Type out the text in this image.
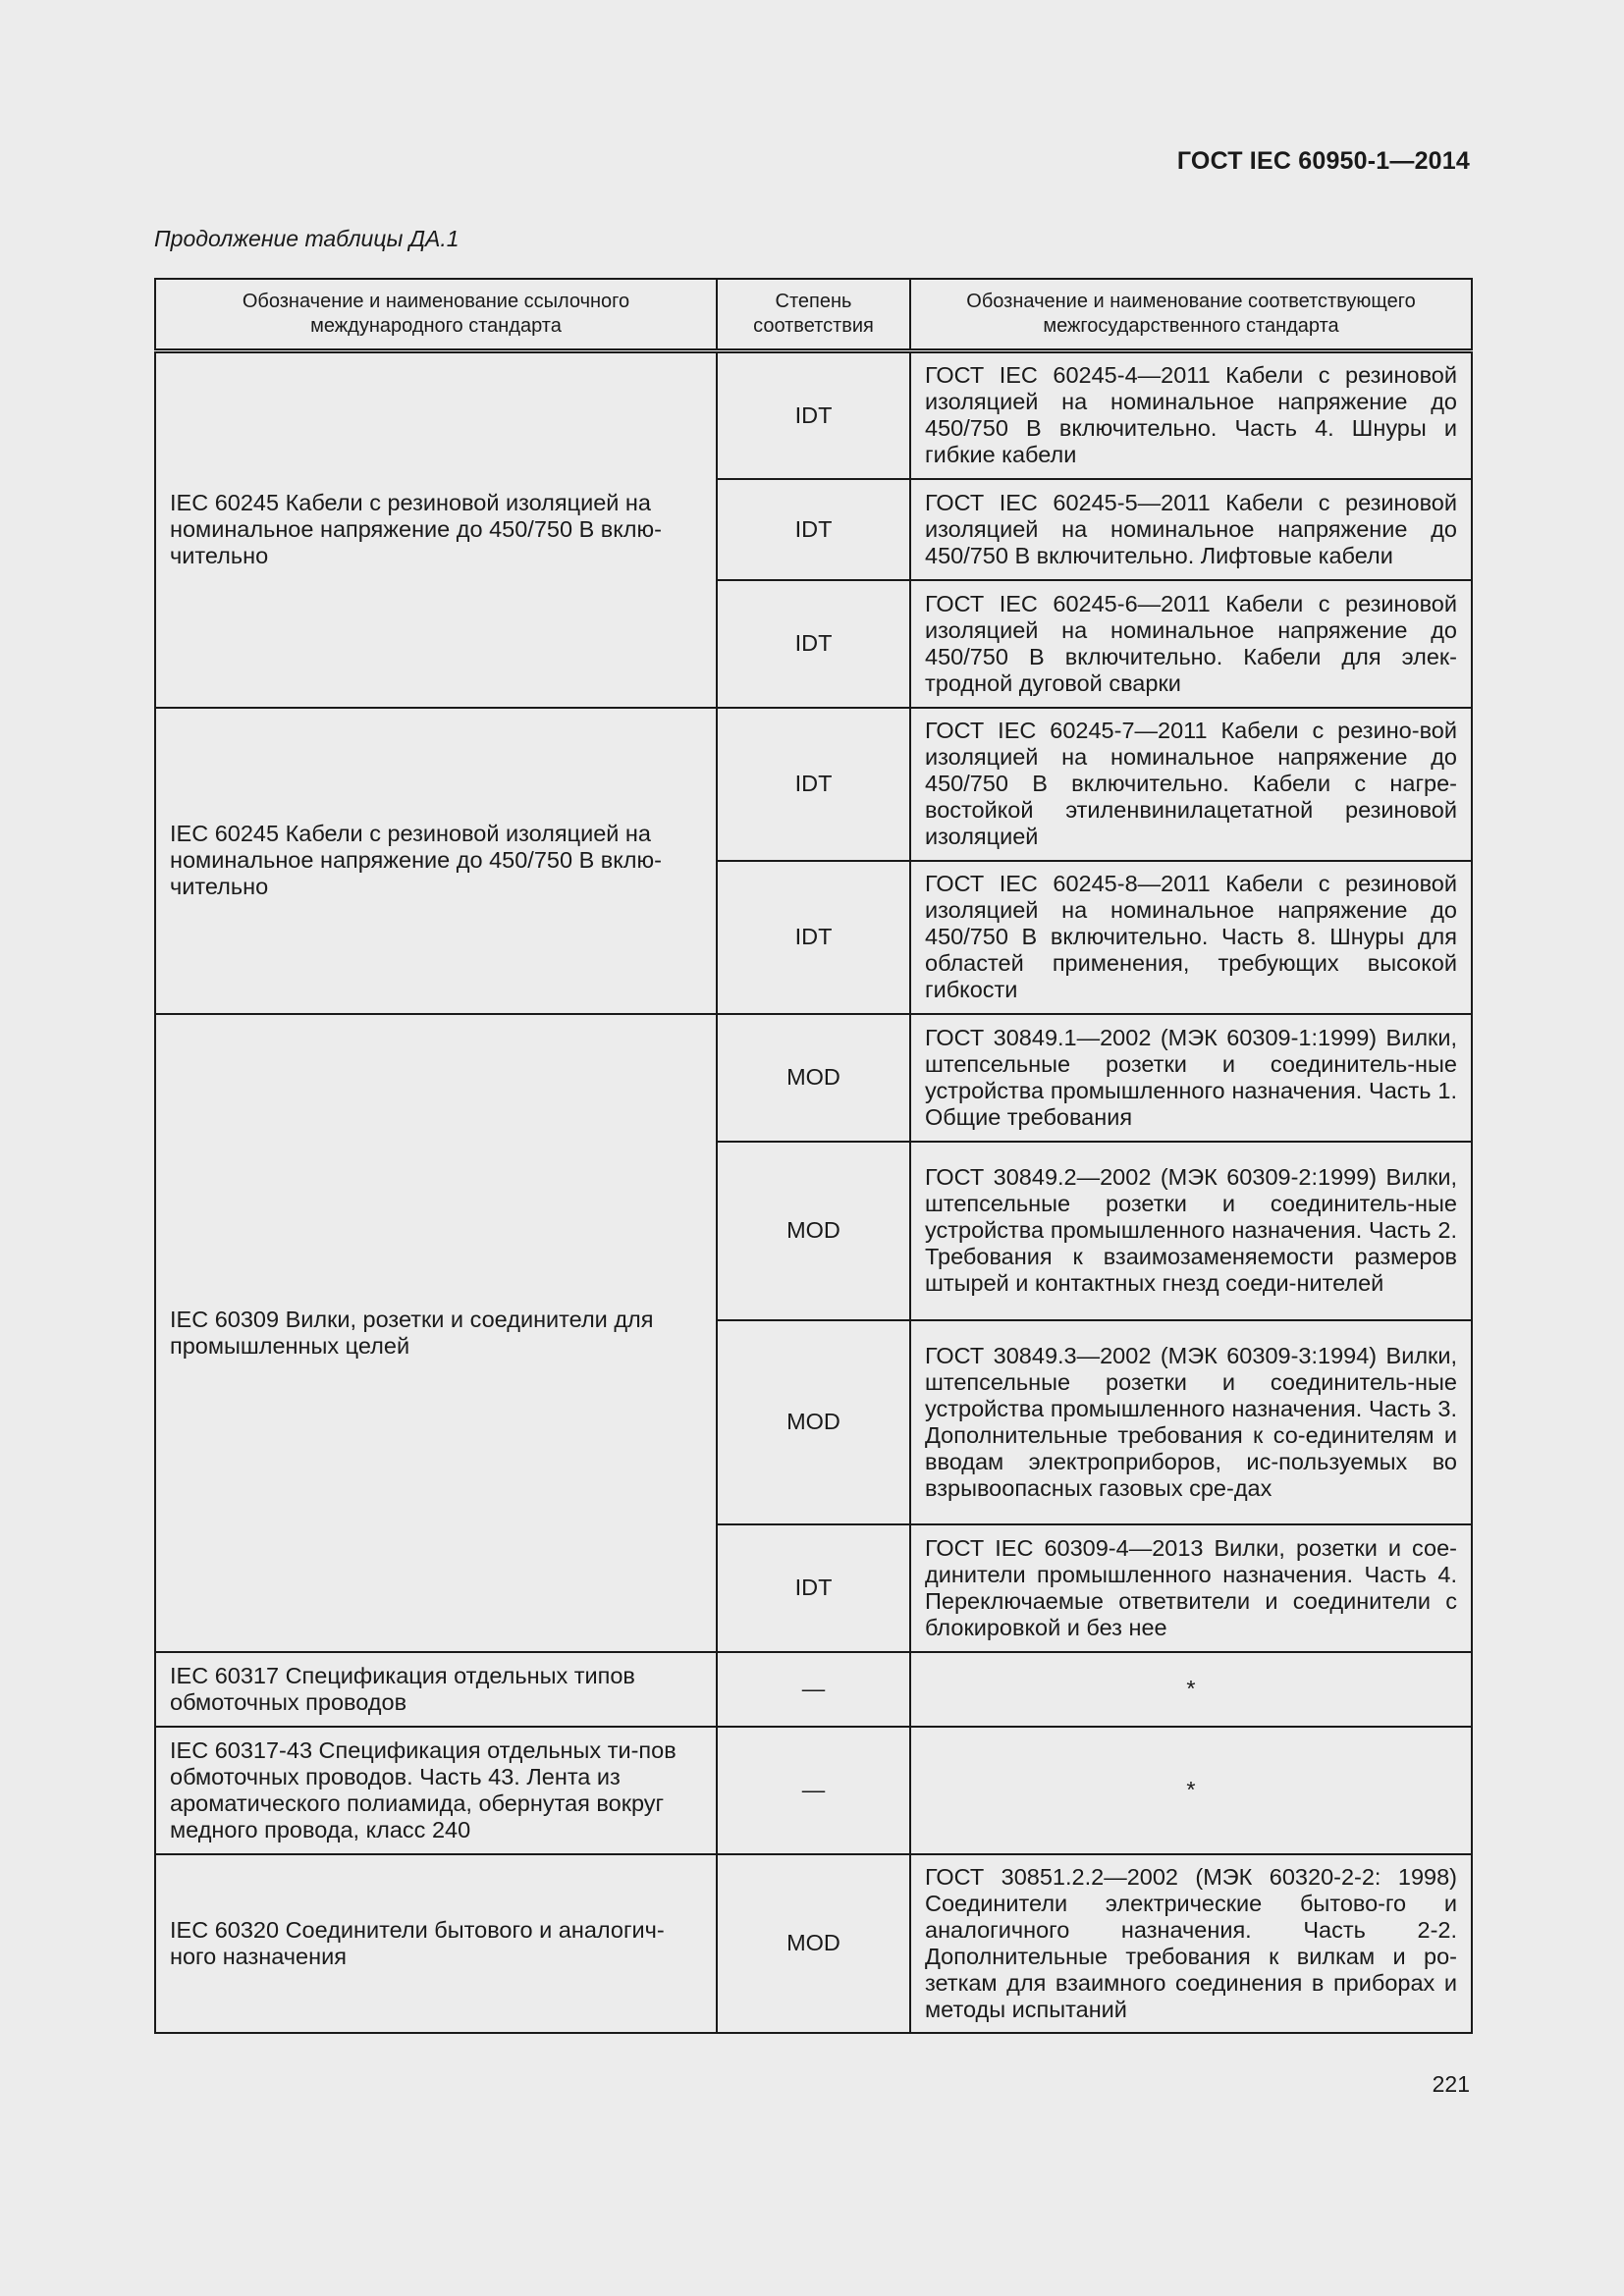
ГОСТ IEC 60950-1—2014
Продолжение таблицы ДА.1
Обозначение и наименование ссылочного международного стандарта	Степень соответствия	Обозначение и наименование соответствующего межгосударственного стандарта
IEC 60245 Кабели с резиновой изоляцией на номинальное напряжение до 450/750 В вклю-чительно	IDT	ГОСТ IEC 60245-4—2011 Кабели с резиновой изоляцией на номинальное напряжение до 450/750 В включительно. Часть 4. Шнуры и гибкие кабели
	IDT	ГОСТ IEC 60245-5—2011 Кабели с резиновой изоляцией на номинальное напряжение до 450/750 В включительно. Лифтовые кабели
	IDT	ГОСТ IEC 60245-6—2011 Кабели с резиновой изоляцией на номинальное напряжение до 450/750 В включительно. Кабели для элек-тродной дуговой сварки
IEC 60245 Кабели с резиновой изоляцией на номинальное напряжение до 450/750 В вклю-чительно	IDT	ГОСТ IEC 60245-7—2011 Кабели с резино-вой изоляцией на номинальное напряжение до 450/750 В включительно. Кабели с нагре-востойкой этиленвинилацетатной резиновой изоляцией
	IDT	ГОСТ IEC 60245-8—2011 Кабели с резиновой изоляцией на номинальное напряжение до 450/750 В включительно. Часть 8. Шнуры для областей применения, требующих высокой гибкости
IEC 60309 Вилки, розетки и соединители для промышленных целей	MOD	ГОСТ 30849.1—2002 (МЭК 60309-1:1999) Вилки, штепсельные розетки и соединитель-ные устройства промышленного назначения. Часть 1. Общие требования
	MOD	ГОСТ 30849.2—2002 (МЭК 60309-2:1999) Вилки, штепсельные розетки и соединитель-ные устройства промышленного назначения. Часть 2. Требования к взаимозаменяемости размеров штырей и контактных гнезд соеди-нителей
	MOD	ГОСТ 30849.3—2002 (МЭК 60309-3:1994) Вилки, штепсельные розетки и соединитель-ные устройства промышленного назначения. Часть 3. Дополнительные требования к со-единителям и вводам электроприборов, ис-пользуемых во взрывоопасных газовых сре-дах
	IDT	ГОСТ IEC 60309-4—2013 Вилки, розетки и сое-динители промышленного назначения. Часть 4. Переключаемые ответвители и соединители с блокировкой и без нее
IEC 60317 Спецификация отдельных типов обмоточных проводов	—	*
IEC 60317-43 Спецификация отдельных ти-пов обмоточных проводов. Часть 43. Лента из ароматического полиамида, обернутая вокруг медного провода, класс 240	—	*
IEC 60320 Соединители бытового и аналогич-ного назначения	MOD	ГОСТ 30851.2.2—2002 (МЭК 60320-2-2: 1998) Соединители электрические бытово-го и аналогичного назначения. Часть 2-2. Дополнительные требования к вилкам и ро-зеткам для взаимного соединения в приборах и методы испытаний
221
